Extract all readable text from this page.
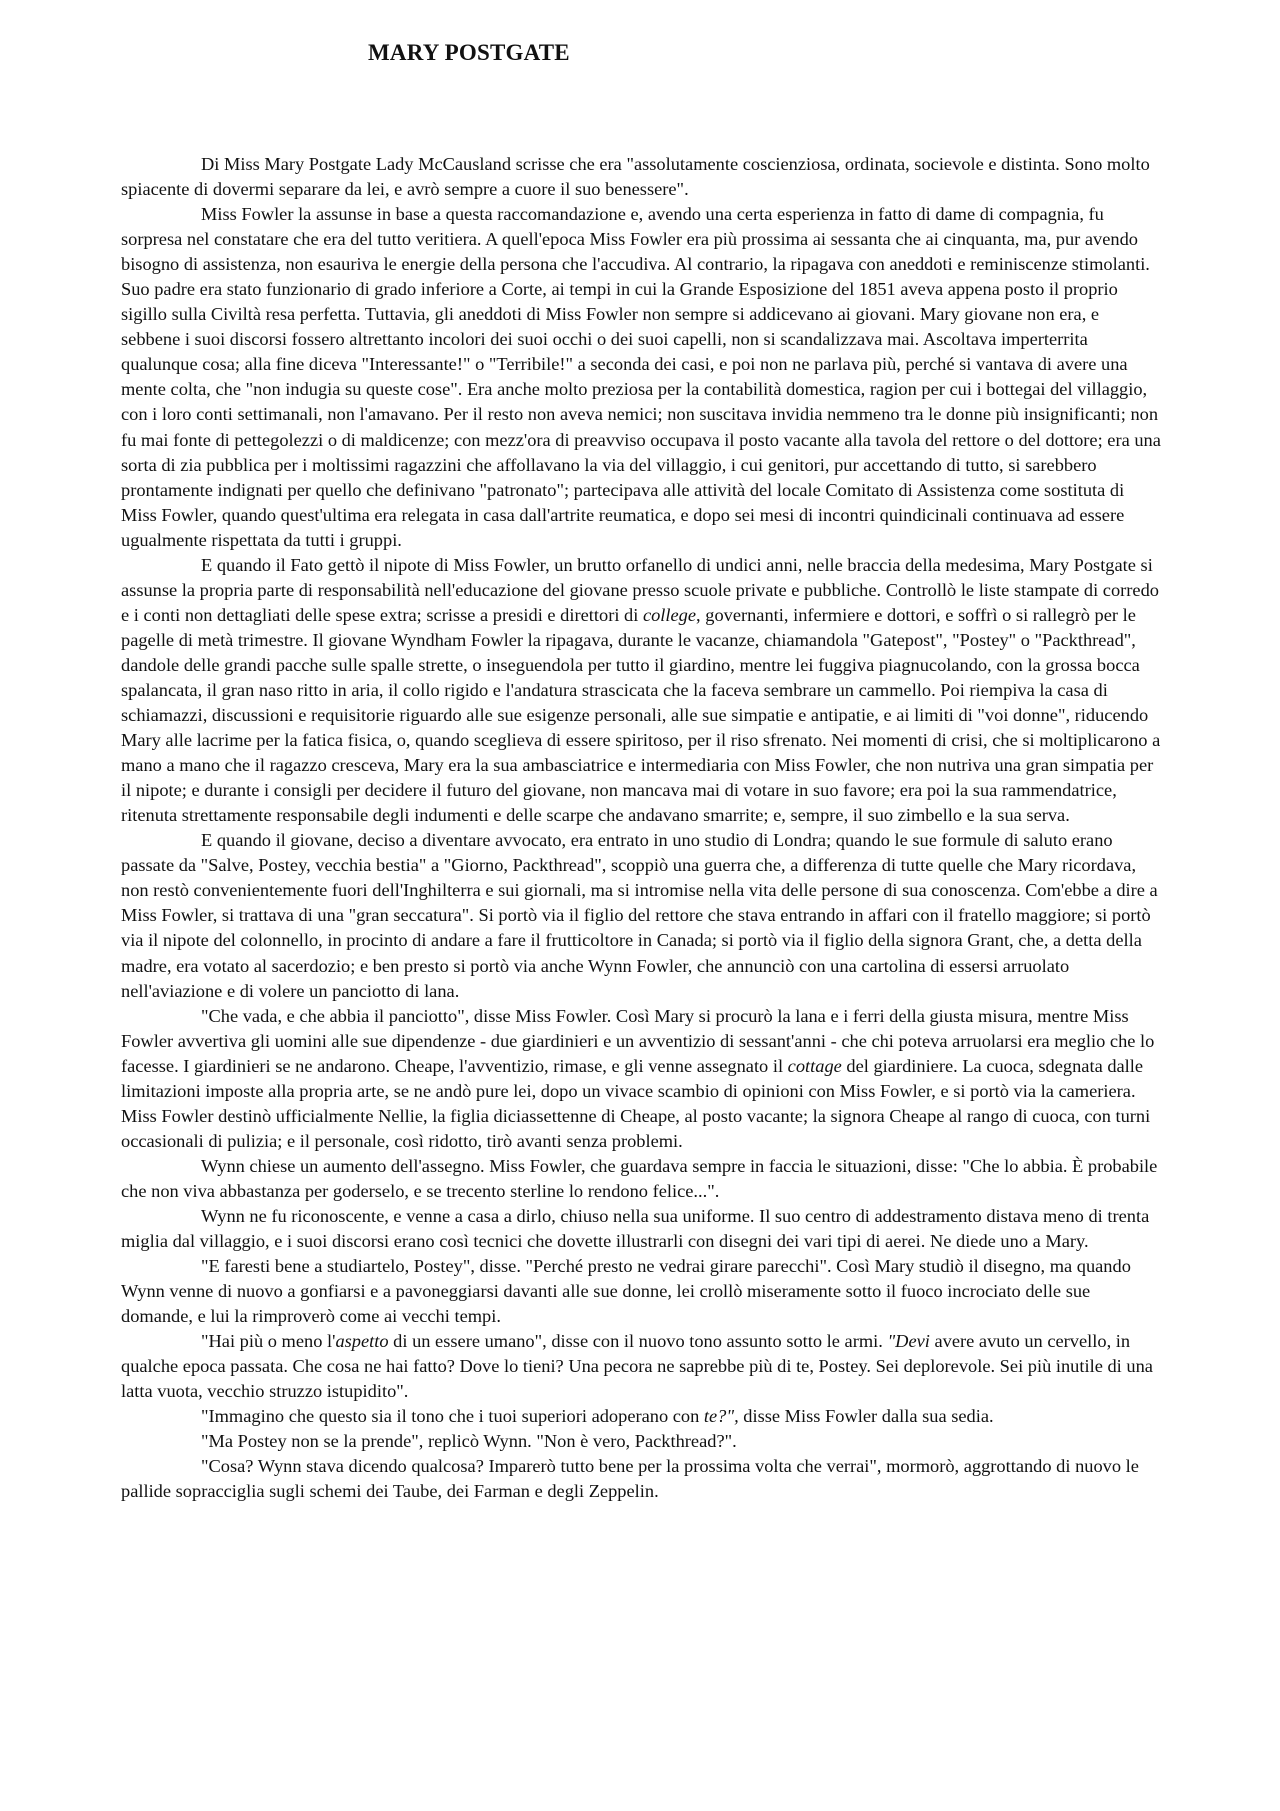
MARY POSTGATE

Di Miss Mary Postgate Lady McCausland scrisse che era "assolutamente coscienziosa, ordinata, socievole e distinta. Sono molto spiacente di dovermi separare da lei, e avrò sempre a cuore il suo benessere".

Miss Fowler la assunse in base a questa raccomandazione e, avendo una certa esperienza in fatto di dame di compagnia, fu sorpresa nel constatare che era del tutto veritiera. A quell'epoca Miss Fowler era più prossima ai sessanta che ai cinquanta, ma, pur avendo bisogno di assistenza, non esauriva le energie della persona che l'accudiva. Al contrario, la ripagava con aneddoti e reminiscenze stimolanti. Suo padre era stato funzionario di grado inferiore a Corte, ai tempi in cui la Grande Esposizione del 1851 aveva appena posto il proprio sigillo sulla Civiltà resa perfetta. Tuttavia, gli aneddoti di Miss Fowler non sempre si addicevano ai giovani. Mary giovane non era, e sebbene i suoi discorsi fossero altrettanto incolori dei suoi occhi o dei suoi capelli, non si scandalizzava mai. Ascoltava imperterrita qualunque cosa; alla fine diceva "Interessante!" o "Terribile!" a seconda dei casi, e poi non ne parlava più, perché si vantava di avere una mente colta, che "non indugia su queste cose". Era anche molto preziosa per la contabilità domestica, ragion per cui i bottegai del villaggio, con i loro conti settimanali, non l'amavano. Per il resto non aveva nemici; non suscitava invidia nemmeno tra le donne più insignificanti; non fu mai fonte di pettegolezzi o di maldicenze; con mezz'ora di preavviso occupava il posto vacante alla tavola del rettore o del dottore; era una sorta di zia pubblica per i moltissimi ragazzini che affollavano la via del villaggio, i cui genitori, pur accettando di tutto, si sarebbero prontamente indignati per quello che definivano "patronato"; partecipava alle attività del locale Comitato di Assistenza come sostituta di Miss Fowler, quando quest'ultima era relegata in casa dall'artrite reumatica, e dopo sei mesi di incontri quindicinali continuava ad essere ugualmente rispettata da tutti i gruppi.

E quando il Fato gettò il nipote di Miss Fowler, un brutto orfanello di undici anni, nelle braccia della medesima, Mary Postgate si assunse la propria parte di responsabilità nell'educazione del giovane presso scuole private e pubbliche. Controllò le liste stampate di corredo e i conti non dettagliati delle spese extra; scrisse a presidi e direttori di college, governanti, infermiere e dottori, e soffrì o si rallegrò per le pagelle di metà trimestre. Il giovane Wyndham Fowler la ripagava, durante le vacanze, chiamandola "Gatepost", "Postey" o "Packthread", dandole delle grandi pacche sulle spalle strette, o inseguendola per tutto il giardino, mentre lei fuggiva piagnucolando, con la grossa bocca spalancata, il gran naso ritto in aria, il collo rigido e l'andatura strascicata che la faceva sembrare un cammello. Poi riempiva la casa di schiamazzi, discussioni e requisitorie riguardo alle sue esigenze personali, alle sue simpatie e antipatie, e ai limiti di "voi donne", riducendo Mary alle lacrime per la fatica fisica, o, quando sceglieva di essere spiritoso, per il riso sfrenato. Nei momenti di crisi, che si moltiplicarono a mano a mano che il ragazzo cresceva, Mary era la sua ambasciatrice e intermediaria con Miss Fowler, che non nutriva una gran simpatia per il nipote; e durante i consigli per decidere il futuro del giovane, non mancava mai di votare in suo favore; era poi la sua rammendatrice, ritenuta strettamente responsabile degli indumenti e delle scarpe che andavano smarrite; e, sempre, il suo zimbello e la sua serva.

E quando il giovane, deciso a diventare avvocato, era entrato in uno studio di Londra; quando le sue formule di saluto erano passate da "Salve, Postey, vecchia bestia" a "Giorno, Packthread", scoppiò una guerra che, a differenza di tutte quelle che Mary ricordava, non restò convenientemente fuori dell'Inghilterra e sui giornali, ma si intromise nella vita delle persone di sua conoscenza. Com'ebbe a dire a Miss Fowler, si trattava di una "gran seccatura". Si portò via il figlio del rettore che stava entrando in affari con il fratello maggiore; si portò via il nipote del colonnello, in procinto di andare a fare il frutticoltore in Canada; si portò via il figlio della signora Grant, che, a detta della madre, era votato al sacerdozio; e ben presto si portò via anche Wynn Fowler, che annunciò con una cartolina di essersi arruolato nell'aviazione e di volere un panciotto di lana.

"Che vada, e che abbia il panciotto", disse Miss Fowler. Così Mary si procurò la lana e i ferri della giusta misura, mentre Miss Fowler avvertiva gli uomini alle sue dipendenze - due giardinieri e un avventizio di sessant'anni - che chi poteva arruolarsi era meglio che lo facesse. I giardinieri se ne andarono. Cheape, l'avventizio, rimase, e gli venne assegnato il cottage del giardiniere. La cuoca, sdegnata dalle limitazioni imposte alla propria arte, se ne andò pure lei, dopo un vivace scambio di opinioni con Miss Fowler, e si portò via la cameriera. Miss Fowler destinò ufficialmente Nellie, la figlia diciassettenne di Cheape, al posto vacante; la signora Cheape al rango di cuoca, con turni occasionali di pulizia; e il personale, così ridotto, tirò avanti senza problemi.

Wynn chiese un aumento dell'assegno. Miss Fowler, che guardava sempre in faccia le situazioni, disse: "Che lo abbia. È probabile che non viva abbastanza per goderselo, e se trecento sterline lo rendono felice...".

Wynn ne fu riconoscente, e venne a casa a dirlo, chiuso nella sua uniforme. Il suo centro di addestramento distava meno di trenta miglia dal villaggio, e i suoi discorsi erano così tecnici che dovette illustrarli con disegni dei vari tipi di aerei. Ne diede uno a Mary.

"E faresti bene a studiartelo, Postey", disse. "Perché presto ne vedrai girare parecchi". Così Mary studiò il disegno, ma quando Wynn venne di nuovo a gonfiarsi e a pavoneggiarsi davanti alle sue donne, lei crollò miseramente sotto il fuoco incrociato delle sue domande, e lui la rimproverò come ai vecchi tempi.

"Hai più o meno l'aspetto di un essere umano", disse con il nuovo tono assunto sotto le armi. "Devi avere avuto un cervello, in qualche epoca passata. Che cosa ne hai fatto? Dove lo tieni? Una pecora ne saprebbe più di te, Postey. Sei deplorevole. Sei più inutile di una latta vuota, vecchio struzzo istupidito".

"Immagino che questo sia il tono che i tuoi superiori adoperano con te?", disse Miss Fowler dalla sua sedia.

"Ma Postey non se la prende", replicò Wynn. "Non è vero, Packthread?".

"Cosa? Wynn stava dicendo qualcosa? Imparerò tutto bene per la prossima volta che verrai", mormorò, aggrottando di nuovo le pallide sopracciglia sugli schemi dei Taube, dei Farman e degli Zeppelin.
